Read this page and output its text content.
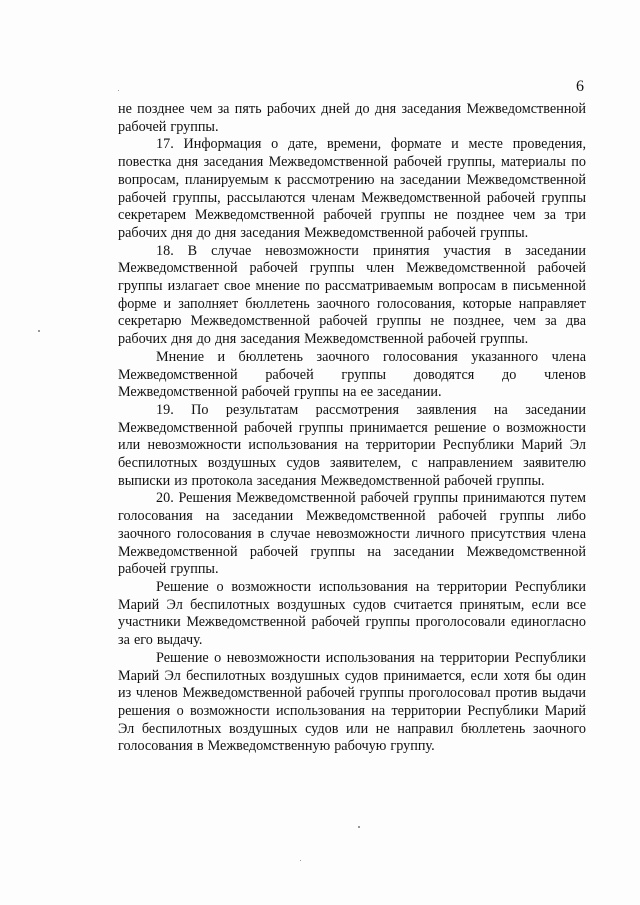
6

не позднее чем за пять рабочих дней до дня заседания Межведомственной рабочей группы.

17. Информация о дате, времени, формате и месте проведения, повестка дня заседания Межведомственной рабочей группы, материалы по вопросам, планируемым к рассмотрению на заседании Межведомственной рабочей группы, рассылаются членам Межведомственной рабочей группы секретарем Межведомственной рабочей группы не позднее чем за три рабочих дня до дня заседания Межведомственной рабочей группы.

18. В случае невозможности принятия участия в заседании Межведомственной рабочей группы член Межведомственной рабочей группы излагает свое мнение по рассматриваемым вопросам в письменной форме и заполняет бюллетень заочного голосования, которые направляет секретарю Межведомственной рабочей группы не позднее, чем за два рабочих дня до дня заседания Межведомственной рабочей группы.

Мнение и бюллетень заочного голосования указанного члена Межведомственной рабочей группы доводятся до членов Межведомственной рабочей группы на ее заседании.

19. По результатам рассмотрения заявления на заседании Межведомственной рабочей группы принимается решение о возможности или невозможности использования на территории Республики Марий Эл беспилотных воздушных судов заявителем, с направлением заявителю выписки из протокола заседания Межведомственной рабочей группы.

20. Решения Межведомственной рабочей группы принимаются путем голосования на заседании Межведомственной рабочей группы либо заочного голосования в случае невозможности личного присутствия члена Межведомственной рабочей группы на заседании Межведомственной рабочей группы.

Решение о возможности использования на территории Республики Марий Эл беспилотных воздушных судов считается принятым, если все участники Межведомственной рабочей группы проголосовали единогласно за его выдачу.

Решение о невозможности использования на территории Республики Марий Эл беспилотных воздушных судов принимается, если хотя бы один из членов Межведомственной рабочей группы проголосовал против выдачи решения о возможности использования на территории Республики Марий Эл беспилотных воздушных судов или не направил бюллетень заочного голосования в Межведомственную рабочую группу.
